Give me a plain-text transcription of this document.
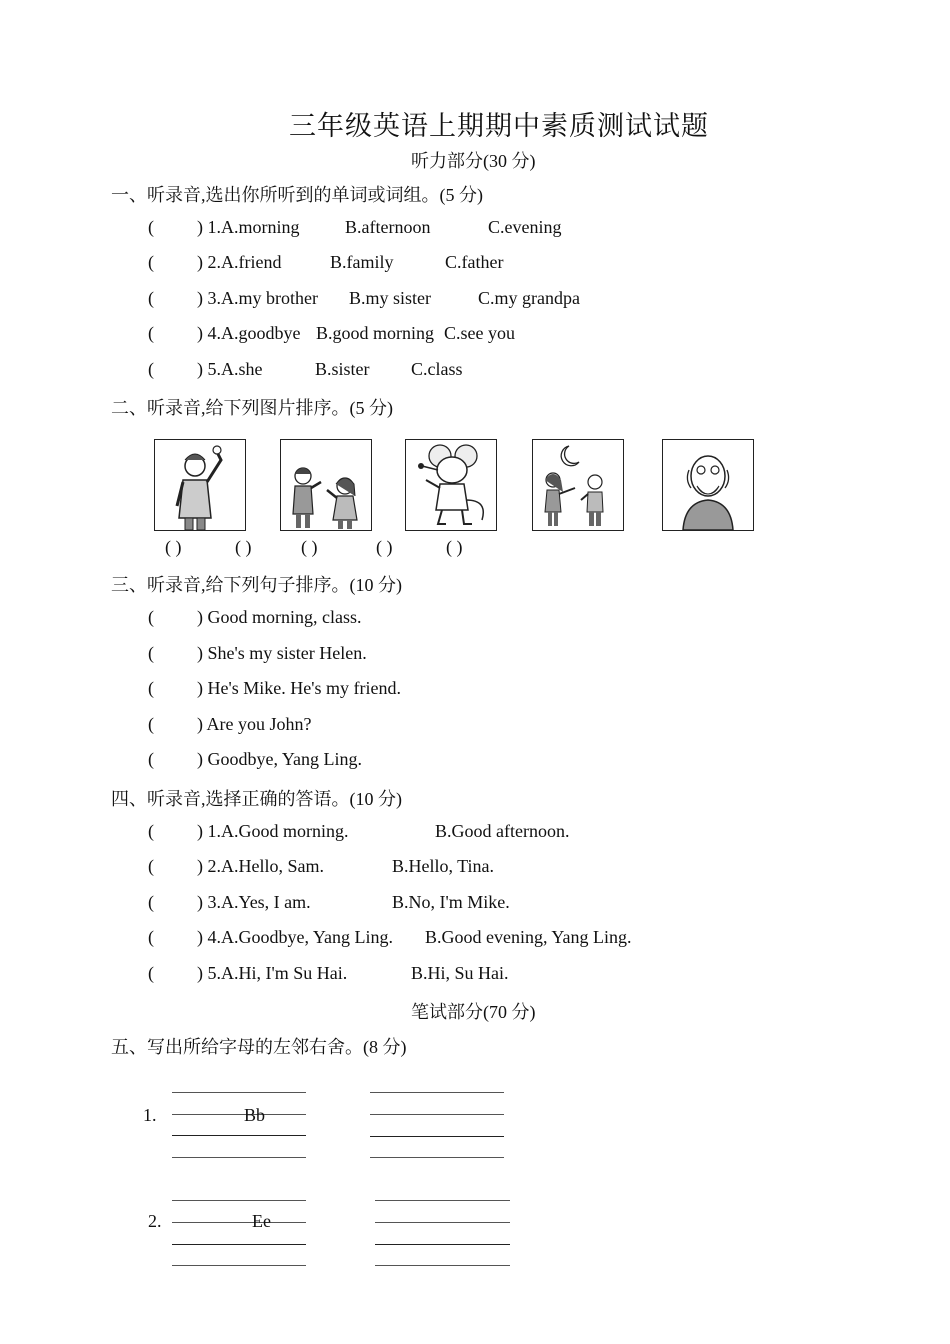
三年级英语上期期中素质测试试题
听力部分(30 分)
一、听录音,选出你所听到的单词或词组。(5 分)
( ) 1.A.morning	B.afternoon	C.evening
( ) 2.A.friend	B.family	C.father
( ) 3.A.my brother B.my sister	C.my grandpa
( ) 4.A.goodbye B.good morning C.see you
( ) 5.A.she	B.sister C.class
二、听录音,给下列图片排序。(5 分)
( )	( )	( )	( )	( )
三、听录音,给下列句子排序。(10 分)
( ) Good morning, class.
( ) She's my sister Helen.
( ) He's Mike. He's my friend.
( ) Are you John?
( ) Goodbye, Yang Ling.
四、听录音,选择正确的答语。(10 分)
( ) 1.A.Good morning.	B.Good afternoon.
( ) 2.A.Hello, Sam.	B.Hello, Tina.
( ) 3.A.Yes, I am.	B.No, I'm Mike.
( ) 4.A.Goodbye, Yang Ling. B.Good evening, Yang Ling.
( ) 5.A.Hi, I'm Su Hai.	B.Hi, Su Hai.
笔试部分(70 分)
五、写出所给字母的左邻右舍。(8 分)
1.	Bb
2.	Ee
